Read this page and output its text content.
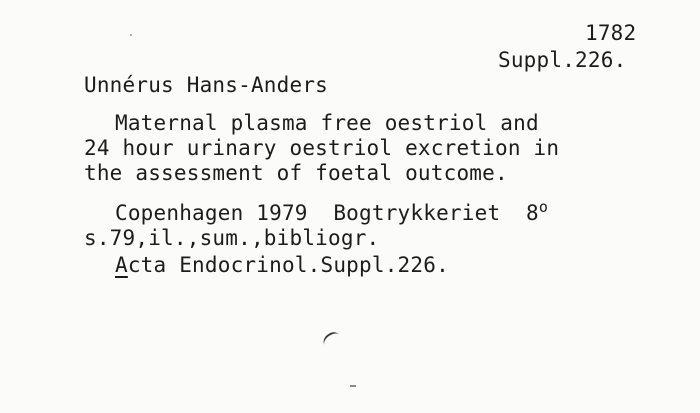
1782
Suppl.226.
Unnérus Hans-Anders
Maternal plasma free oestriol and
24 hour urinary oestriol excretion in
the assessment of foetal outcome.
Copenhagen 1979  Bogtrykkeriet  8$^o$
s.79,il.,sum.,bibliogr.
Acta Endocrinol.Suppl.226.
